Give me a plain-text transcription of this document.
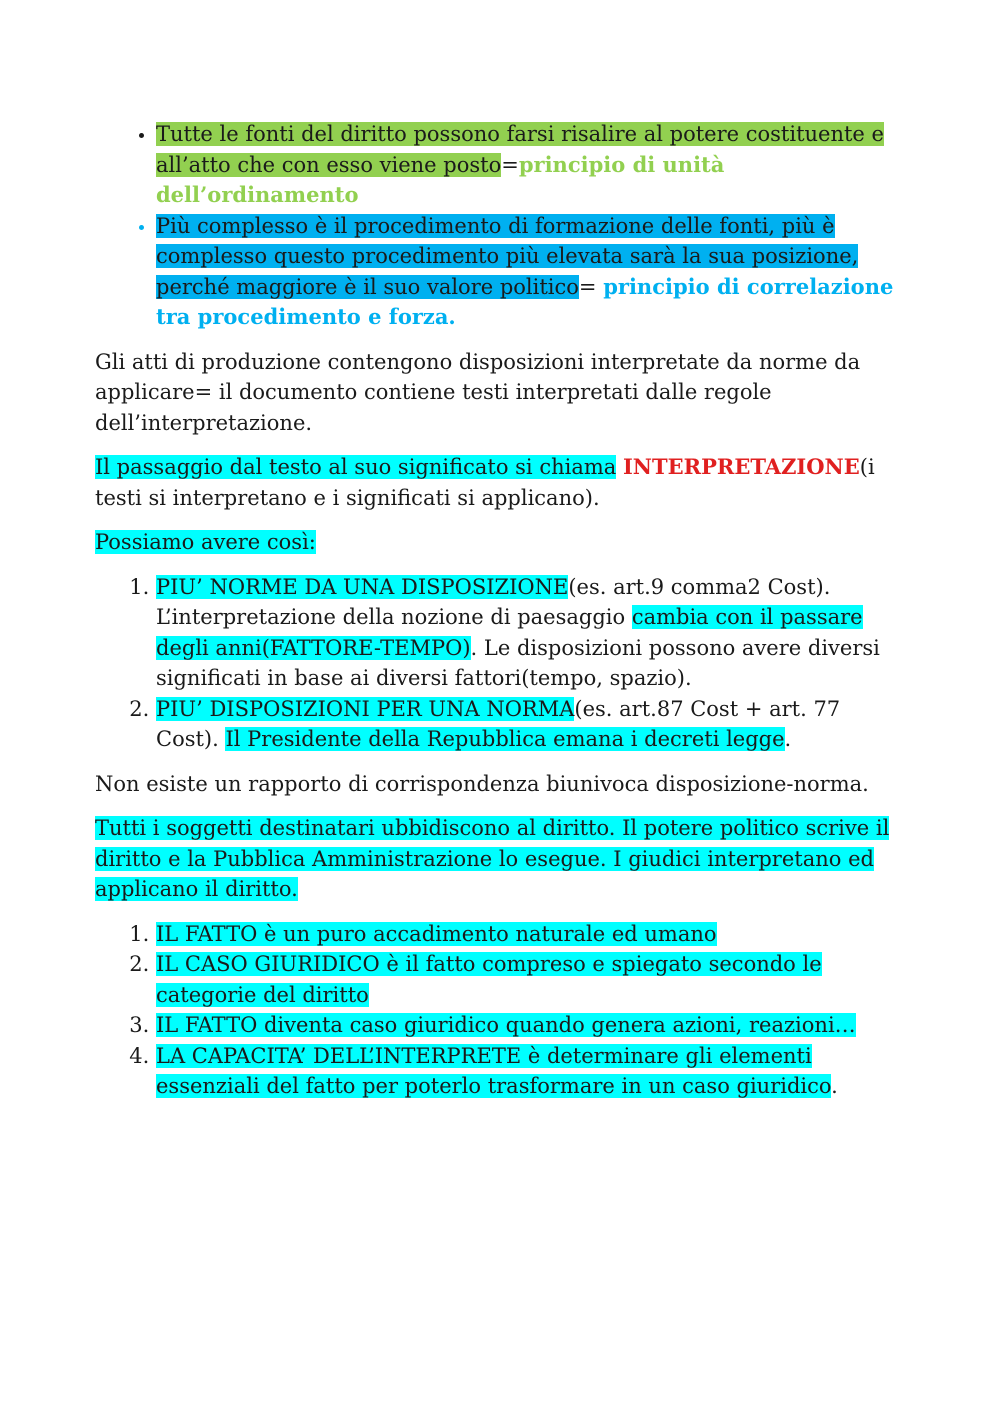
• Tutte le fonti del diritto possono farsi risalire al potere costituente e all’atto che con esso viene posto=principio di unità dell’ordinamento
• Più complesso è il procedimento di formazione delle fonti, più è complesso questo procedimento più elevata sarà la sua posizione, perché maggiore è il suo valore politico= principio di correlazione tra procedimento e forza.

Gli atti di produzione contengono disposizioni interpretate da norme da applicare= il documento contiene testi interpretati dalle regole dell’interpretazione.

Il passaggio dal testo al suo significato si chiama INTERPRETAZIONE(i testi si interpretano e i significati si applicano).

Possiamo avere così:

1. PIU’ NORME DA UNA DISPOSIZIONE(es. art.9 comma2 Cost). L’interpretazione della nozione di paesaggio cambia con il passare degli anni(FATTORE-TEMPO). Le disposizioni possono avere diversi significati in base ai diversi fattori(tempo, spazio).
2. PIU’ DISPOSIZIONI PER UNA NORMA(es. art.87 Cost + art. 77 Cost). Il Presidente della Repubblica emana i decreti legge.

Non esiste un rapporto di corrispondenza biunivoca disposizione-norma.

Tutti i soggetti destinatari ubbidiscono al diritto. Il potere politico scrive il diritto e la Pubblica Amministrazione lo esegue. I giudici interpretano ed applicano il diritto.

1. IL FATTO è un puro accadimento naturale ed umano
2. IL CASO GIURIDICO è il fatto compreso e spiegato secondo le categorie del diritto
3. IL FATTO diventa caso giuridico quando genera azioni, reazioni…
4. LA CAPACITA’ DELL’INTERPRETE è determinare gli elementi essenziali del fatto per poterlo trasformare in un caso giuridico.
